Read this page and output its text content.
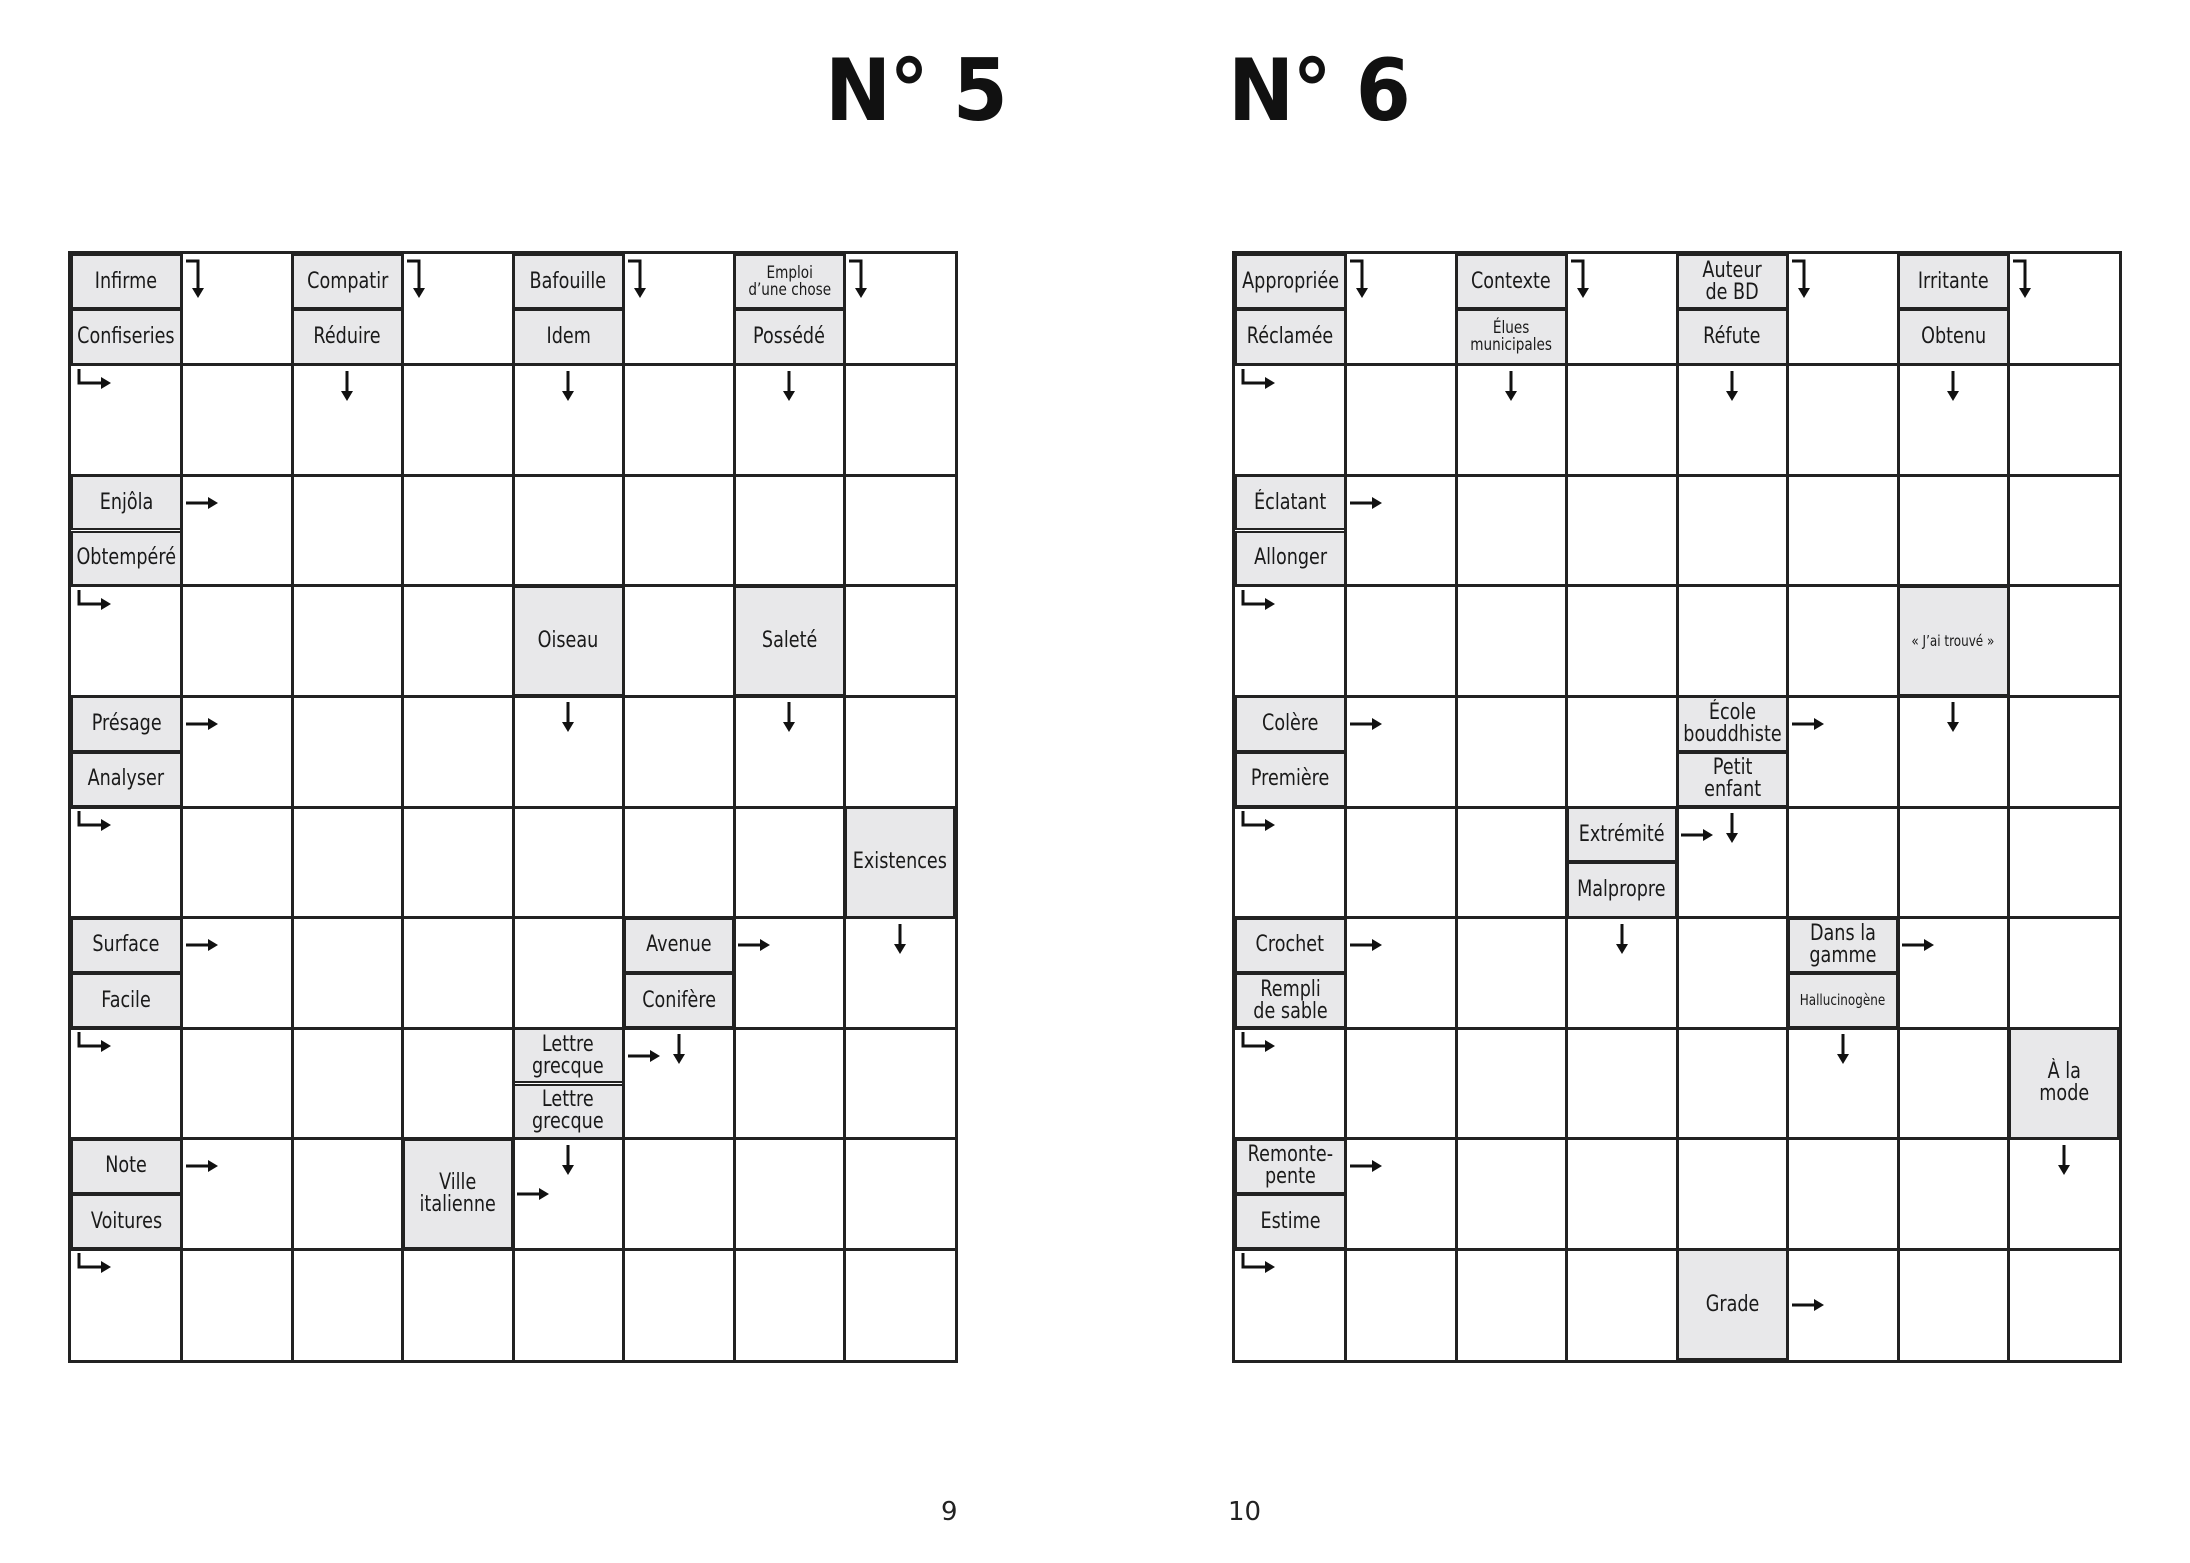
N° 5	N° 6
Infirme
Confiseries
Compatir
Réduire
Bafouille
Idem
Emploi
d’une chose
Possédé
Enjôla
Obtempéré
Oiseau	Saleté
Présage
Analyser
Existences
Surface
Facile
Avenue
Conifère
Lettre
grecque
Lettre
grecque
Note
Voitures
Ville
italienne
Appropriée
Réclamée
Contexte
Élues
municipales
Auteur
de BD
Réfute
Irritante
Obtenu
Éclatant
Allonger
« J’ai trouvé »
Colère
Première
École
bouddhiste
Petit
enfant
Extrémité
Malpropre
Crochet
Rempli
de sable
Dans la
gamme
Hallucinogène
À la mode
Remonte-
pente
Estime
Grade
9	10
